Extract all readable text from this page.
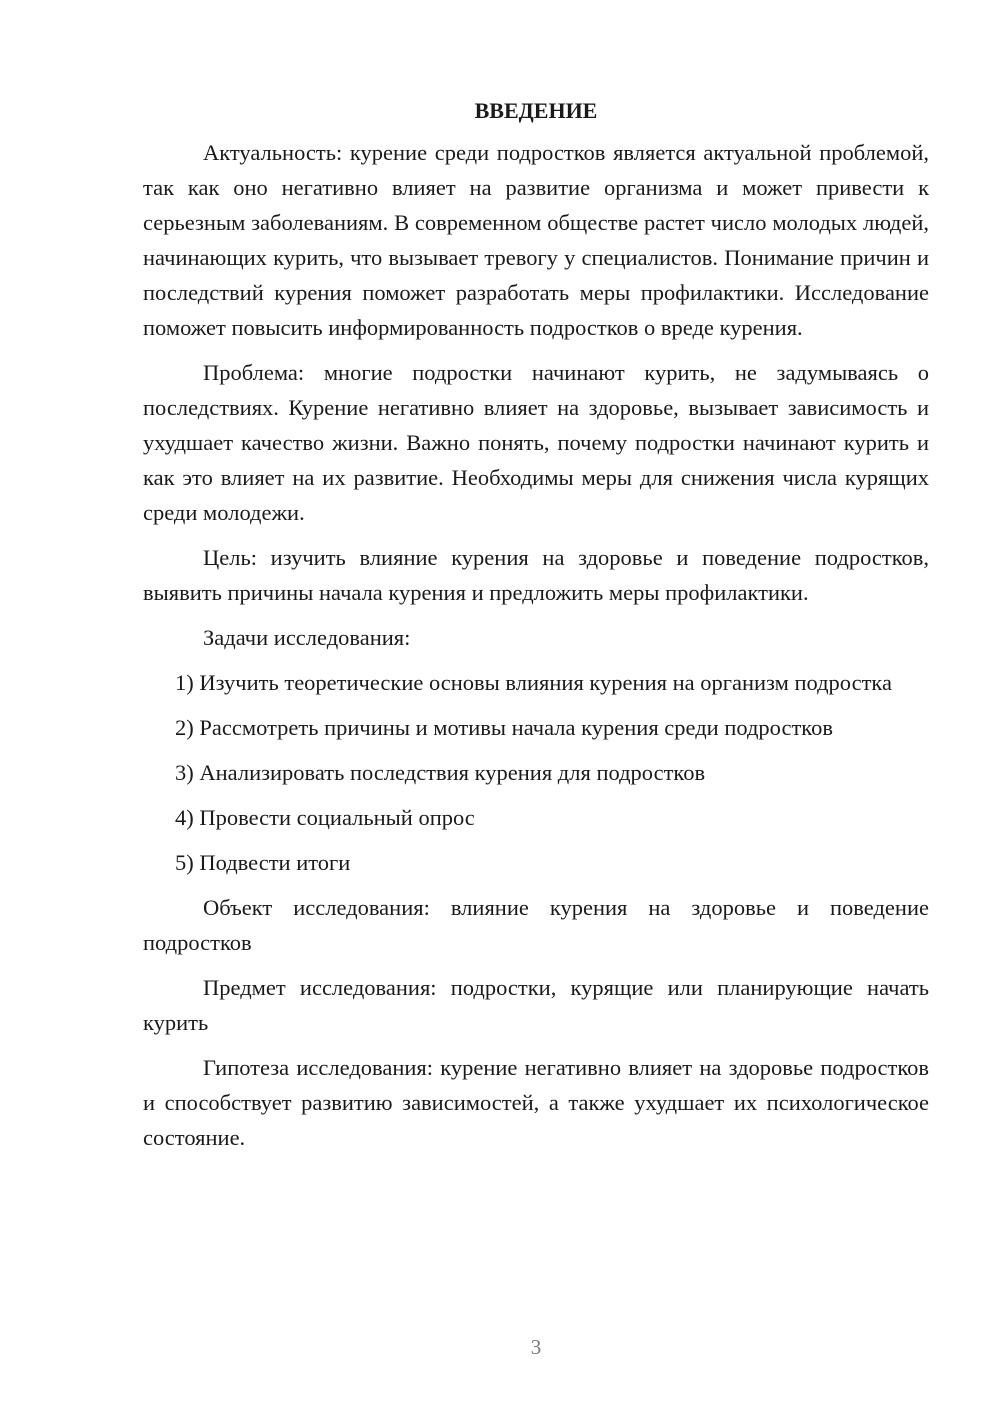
ВВЕДЕНИЕ

Актуальность: курение среди подростков является актуальной проблемой, так как оно негативно влияет на развитие организма и может привести к серьезным заболеваниям. В современном обществе растет число молодых людей, начинающих курить, что вызывает тревогу у специалистов. Понимание причин и последствий курения поможет разработать меры профилактики. Исследование поможет повысить информированность подростков о вреде курения.

Проблема: многие подростки начинают курить, не задумываясь о последствиях. Курение негативно влияет на здоровье, вызывает зависимость и ухудшает качество жизни. Важно понять, почему подростки начинают курить и как это влияет на их развитие. Необходимы меры для снижения числа курящих среди молодежи.

Цель: изучить влияние курения на здоровье и поведение подростков, выявить причины начала курения и предложить меры профилактики.

Задачи исследования:

1) Изучить теоретические основы влияния курения на организм подростка

2) Рассмотреть причины и мотивы начала курения среди подростков

3) Анализировать последствия курения для подростков

4) Провести социальный опрос

5) Подвести итоги

Объект исследования: влияние курения на здоровье и поведение подростков

Предмет исследования: подростки, курящие или планирующие начать курить

Гипотеза исследования: курение негативно влияет на здоровье подростков и способствует развитию зависимостей, а также ухудшает их психологическое состояние.

3
